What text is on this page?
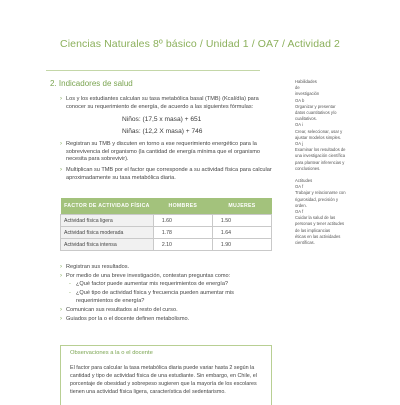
Ciencias Naturales 8º básico / Unidad 1 / OA7 / Actividad 2
2. Indicadores de salud
› Los y los estudiantes calculan su tasa metabólica basal (TMB) (Kcal/día) para conocer su requerimiento de energía, de acuerdo a las siguientes fórmulas:
Niños: (17,5 x masa) + 651
Niñas: (12,2 X masa) + 746
› Registran su TMB y discuten en torno a ese requerimiento energético para la sobrevivencia del organismo (la cantidad de energía mínima que el organismo necesita para sobrevivir).
› Multiplican su TMB por el factor que corresponde a su actividad física para calcular aproximadamente su tasa metabólica diaria.
FACTOR DE ACTIVIDAD FÍSICA	HOMBRES	MUJERES
Actividad física ligera	1.60	1.50
Actividad física moderada	1.78	1.64
Actividad física intensa	2.10	1.90
› Registran sus resultados.
› Por medio de una breve investigación, contestan preguntas como:
- ¿Qué factor puede aumentar mis requerimientos de energía?
- ¿Qué tipo de actividad física y frecuencia pueden aumentar mis requerimientos de energía?
› Comunican sus resultados al resto del curso.
› Guiados por la o el docente definen metabolismo.
Observaciones a la o el docente
El factor para calcular la tasa metabólica diaria puede variar hasta 2 según la cantidad y tipo de actividad física de una estudiante. Sin embargo, en Chile, el porcentaje de obesidad y sobrepeso sugieren que la mayoría de los escolares tienen una actividad física ligera, característica del sedentarismo.
Habilidades
de
investigación
OA b
Organizar y presentar
datos cuantitativos y/o
cualitativos.
OA i
Crear, seleccionar, usar y
ajustar modelos simples.
OA j
Examinar los resultados de
una investigación científica
para plantear inferencias y
conclusiones.
Actitudes
OA f
Trabajar y relacionarse con
rigurosidad, precisión y
orden.
OA f
Cuidar la salud de las
personas y tener actitudes
de las implicancias
éticas en las actividades
científicas.
